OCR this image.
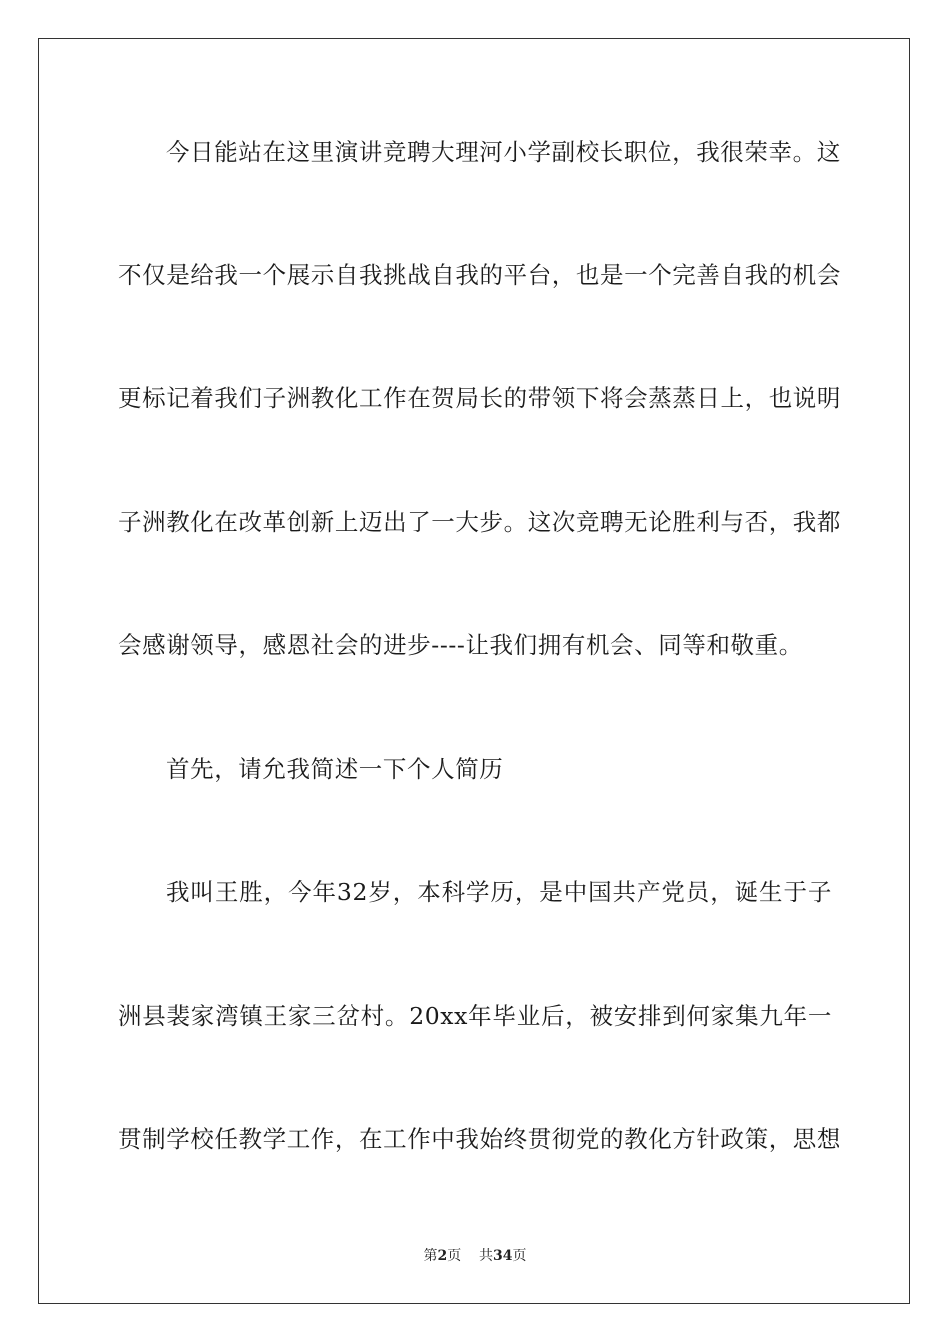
今日能站在这里演讲竞聘大理河小学副校长职位，我很荣幸。这
不仅是给我一个展示自我挑战自我的平台，也是一个完善自我的机会
更标记着我们子洲教化工作在贺局长的带领下将会蒸蒸日上，也说明
子洲教化在改革创新上迈出了一大步。这次竞聘无论胜利与否，我都
会感谢领导，感恩社会的进步----让我们拥有机会、同等和敬重。
首先，请允我简述一下个人简历
我叫王胜，今年32岁，本科学历，是中国共产党员，诞生于子
洲县裴家湾镇王家三岔村。20xx年毕业后，被安排到何家集九年一
贯制学校任教学工作，在工作中我始终贯彻党的教化方针政策，思想
第2页 共34页
